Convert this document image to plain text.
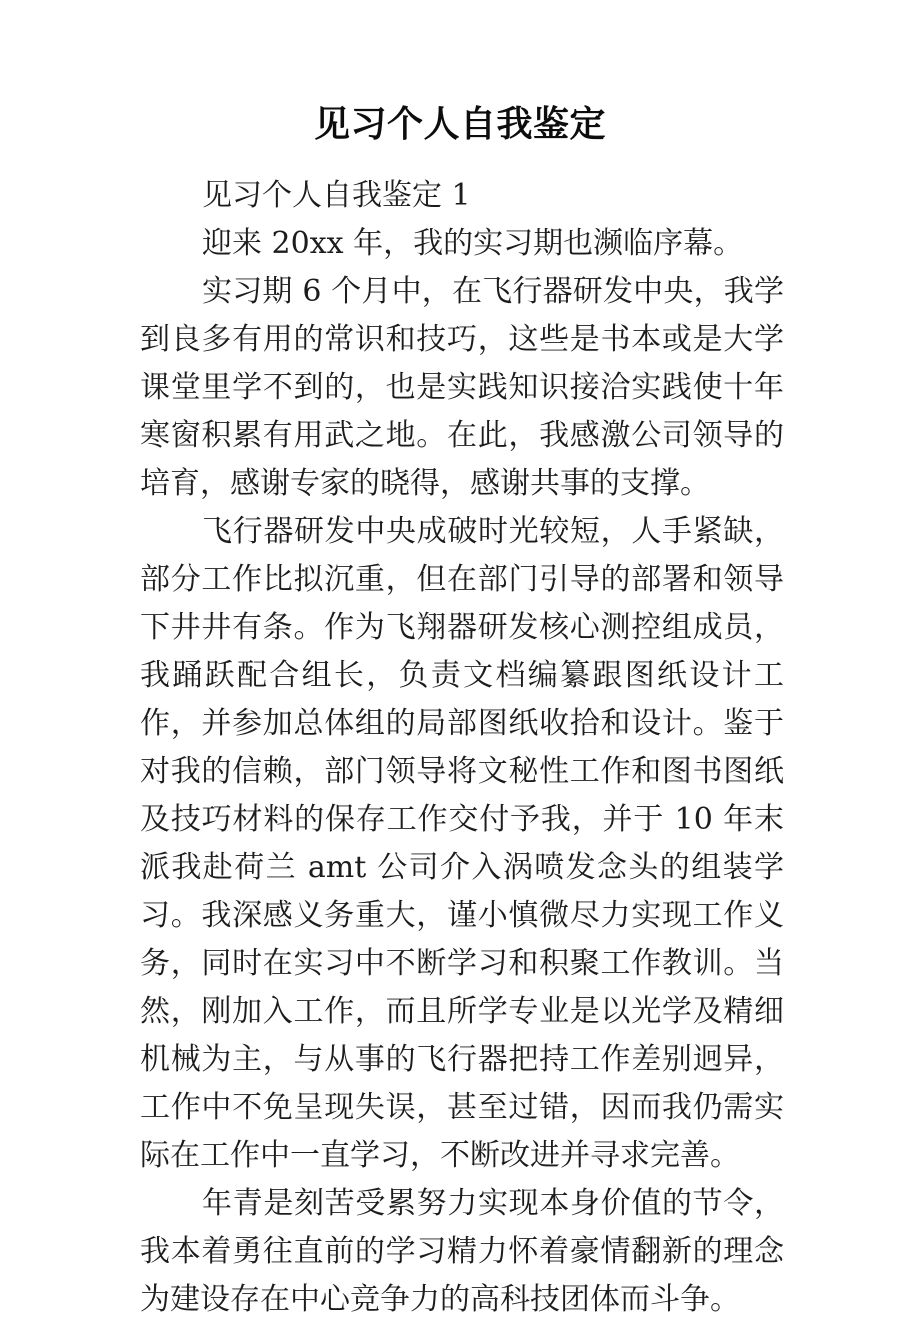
见习个人自我鉴定

见习个人自我鉴定 1

迎来 20xx 年，我的实习期也濒临序幕。

实习期 6 个月中，在飞行器研发中央，我学到良多有用的常识和技巧，这些是书本或是大学课堂里学不到的，也是实践知识接洽实践使十年寒窗积累有用武之地。在此，我感激公司领导的培育，感谢专家的晓得，感谢共事的支撑。

飞行器研发中央成破时光较短，人手紧缺，部分工作比拟沉重，但在部门引导的部署和领导下井井有条。作为飞翔器研发核心测控组成员，我踊跃配合组长，负责文档编纂跟图纸设计工作，并参加总体组的局部图纸收拾和设计。鉴于对我的信赖，部门领导将文秘性工作和图书图纸及技巧材料的保存工作交付予我，并于 10 年末派我赴荷兰 amt 公司介入涡喷发念头的组装学习。我深感义务重大，谨小慎微尽力实现工作义务，同时在实习中不断学习和积聚工作教训。当然，刚加入工作，而且所学专业是以光学及精细机械为主，与从事的飞行器把持工作差别迥异，工作中不免呈现失误，甚至过错，因而我仍需实际在工作中一直学习，不断改进并寻求完善。

年青是刻苦受累努力实现本身价值的节令，我本着勇往直前的学习精力怀着豪情翻新的理念为建设存在中心竞争力的高科技团体而斗争。
